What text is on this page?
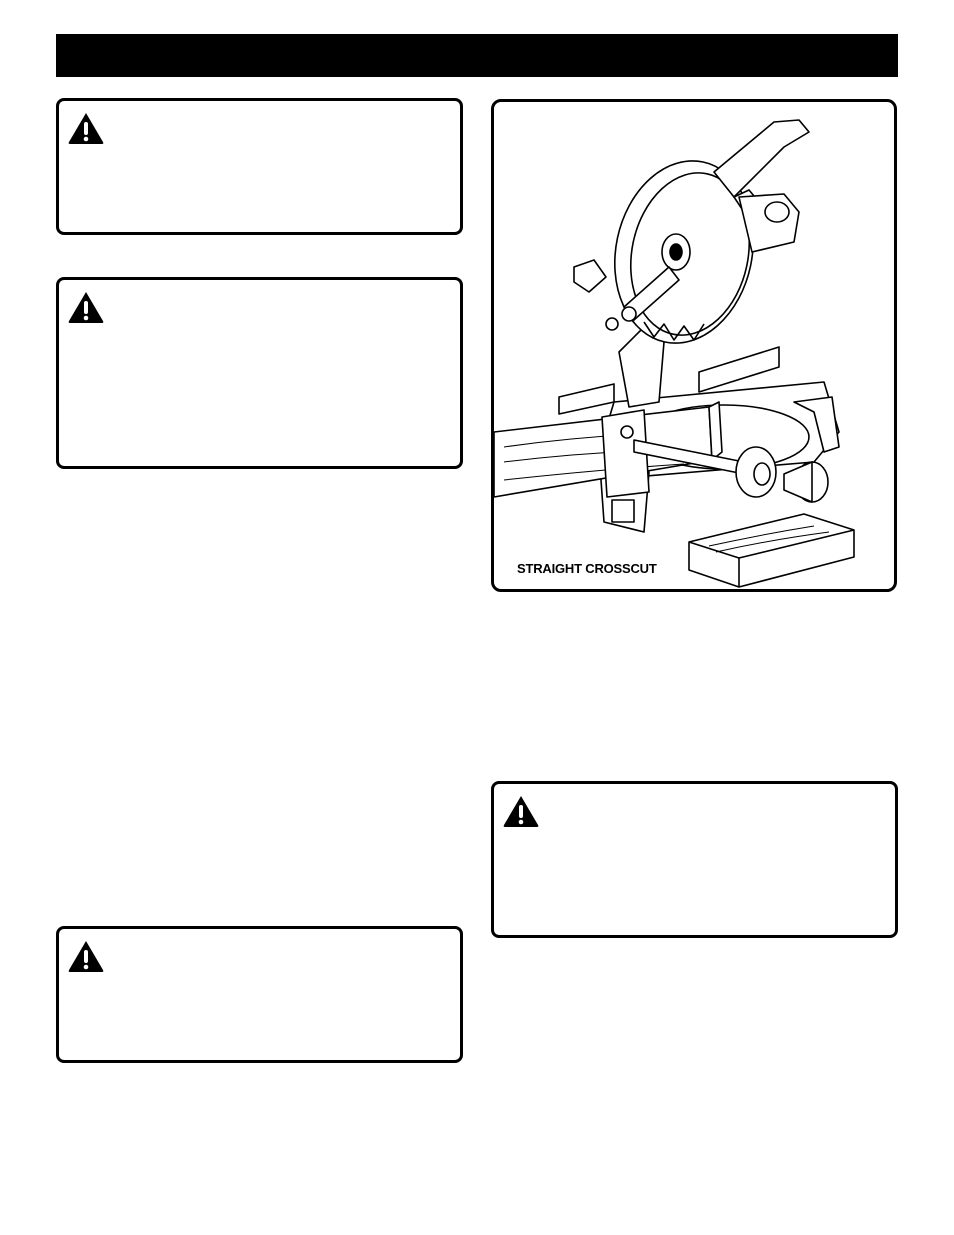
STRAIGHT CROSSCUT
